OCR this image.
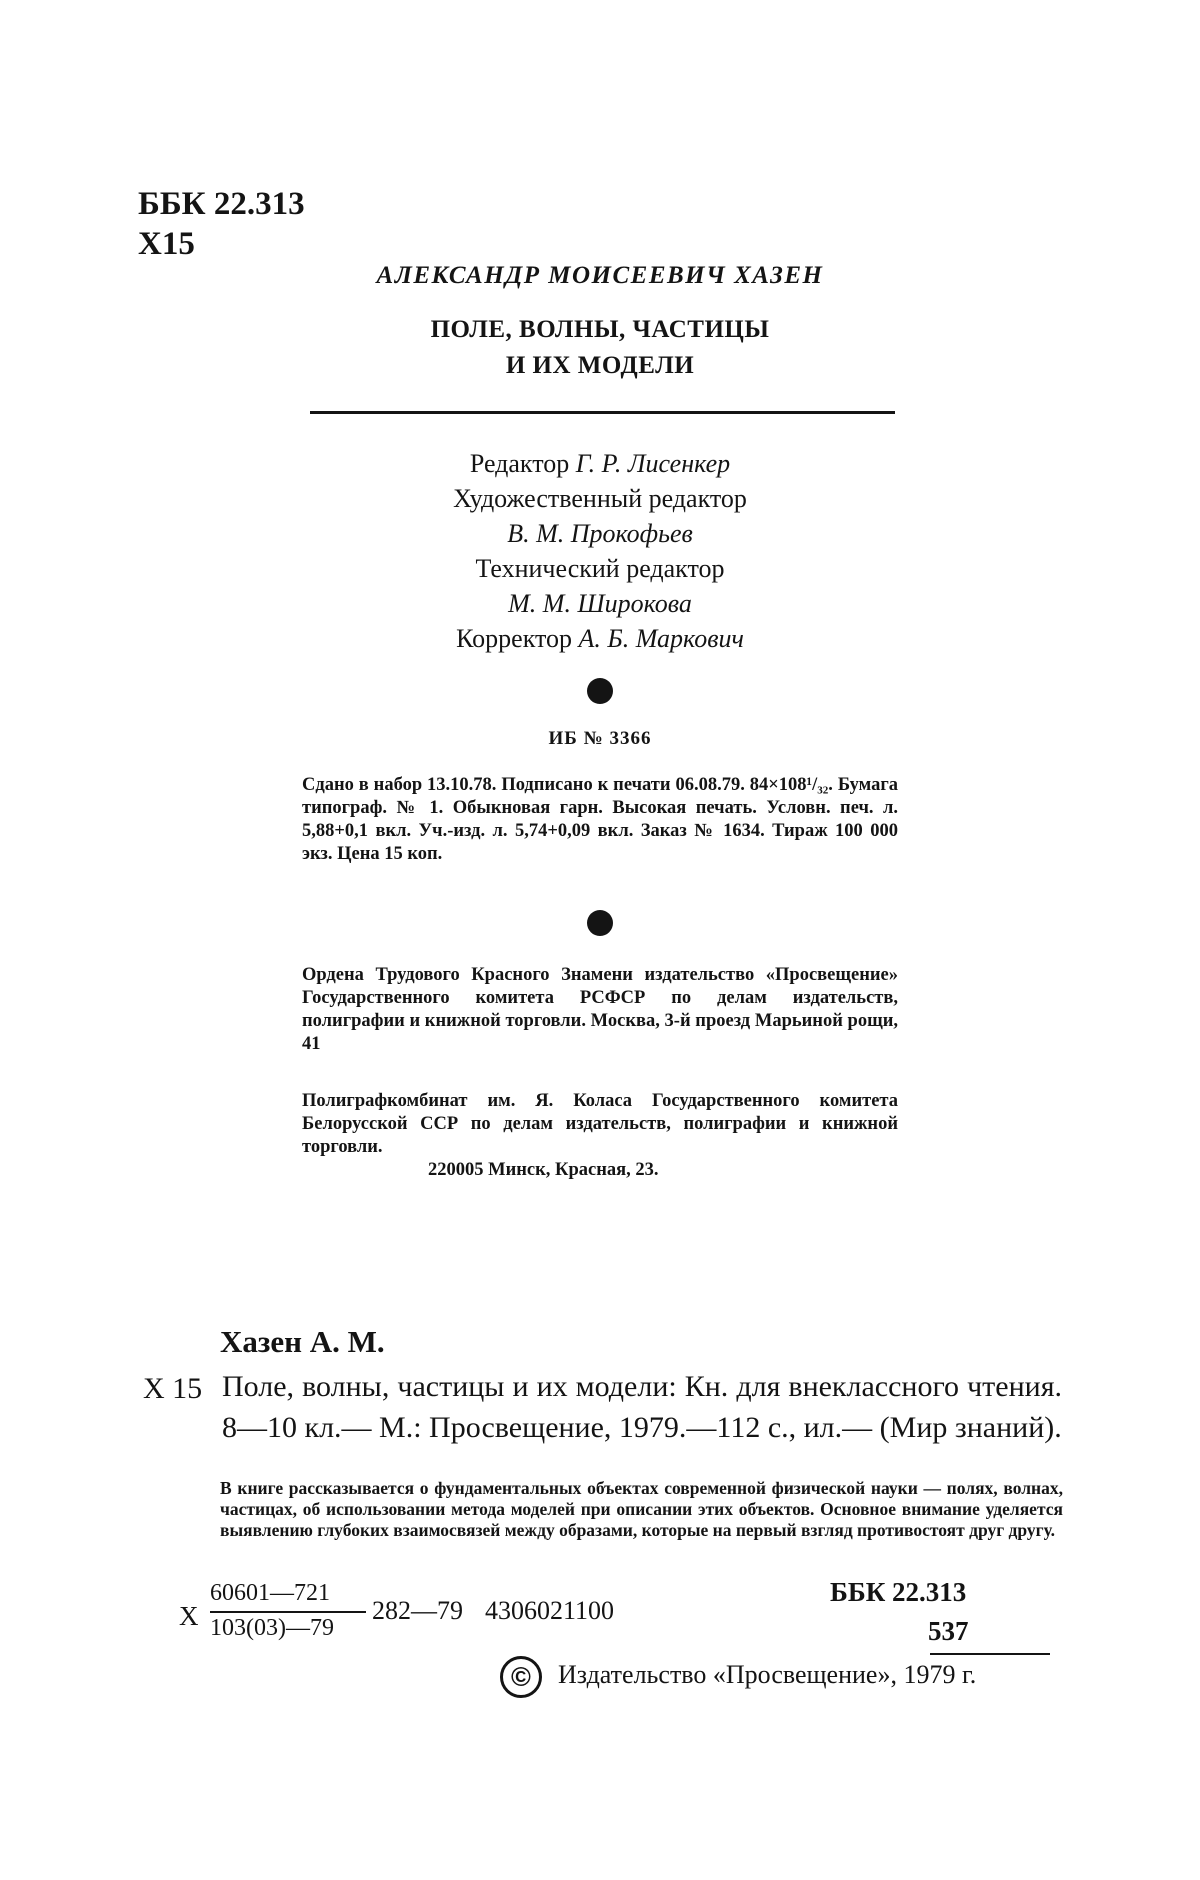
ББК 22.313
Х15
АЛЕКСАНДР МОИСЕЕВИЧ ХАЗЕН
ПОЛЕ, ВОЛНЫ, ЧАСТИЦЫ
И ИХ МОДЕЛИ
Редактор Г. Р. Лисенкер
Художественный редактор
В. М. Прокофьев
Технический редактор
М. М. Широкова
Корректор А. Б. Маркович
ИБ № 3366
Сдано в набор 13.10.78. Подписано к печати 06.08.79. 84×108¹/₃₂. Бумага типограф. № 1. Обыкновая гарн. Высокая печать. Условн. печ. л. 5,88+0,1 вкл. Уч.-изд. л. 5,74+0,09 вкл. Заказ № 1634. Тираж 100 000 экз. Цена 15 коп.
Ордена Трудового Красного Знамени издательство «Просвещение» Государственного комитета РСФСР по делам издательств, полиграфии и книжной торговли. Москва, 3-й проезд Марьиной рощи, 41
Полиграфкомбинат им. Я. Коласа Государственного комитета Белорусской ССР по делам издательств, полиграфии и книжной торговли.
220005 Минск, Красная, 23.
Хазен А. М.
Х 15 Поле, волны, частицы и их модели: Кн. для внеклассного чтения. 8—10 кл.— М.: Просвещение, 1979.—112 с., ил.— (Мир знаний).
В книге рассказывается о фундаментальных объектах современной физической науки — полях, волнах, частицах, об использовании метода моделей при описании этих объектов. Основное внимание уделяется выявлению глубоких взаимосвязей между образами, которые на первый взгляд противостоят друг другу.
Х
60601—721
103(03)—79
282—79 4306021100
ББК 22.313
537
©	Издательство «Просвещение», 1979 г.
